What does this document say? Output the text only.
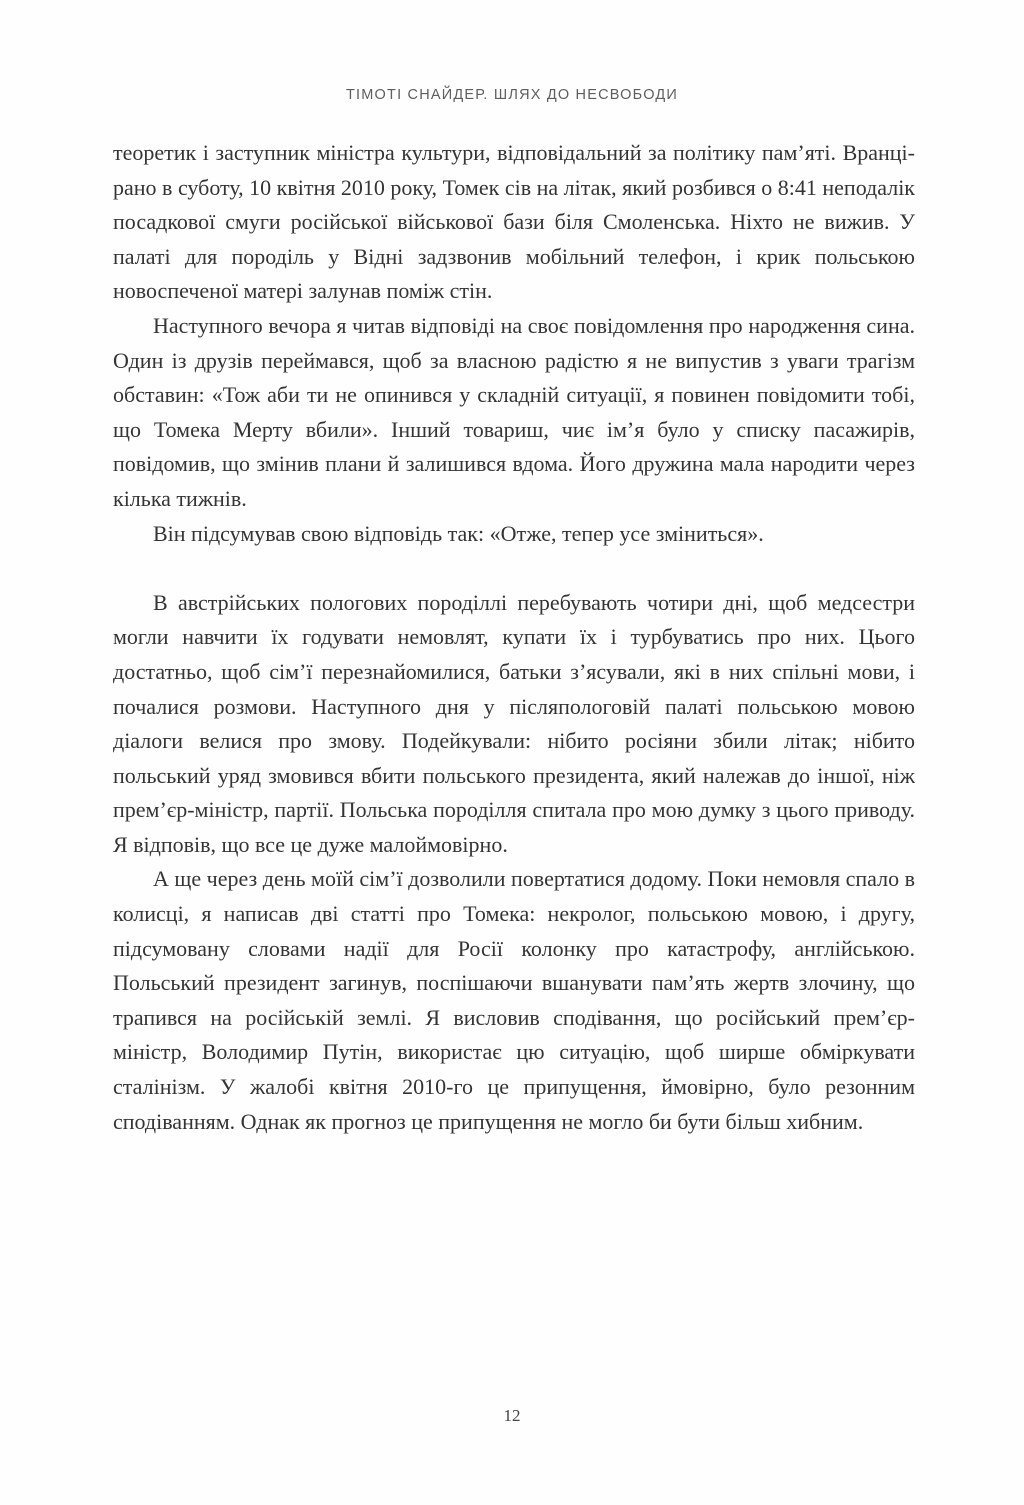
ТІМОТІ СНАЙДЕР. ШЛЯХ ДО НЕСВОБОДИ

теоретик і заступник міністра культури, відповідальний за політику пам’яті. Вранці-рано в суботу, 10 квітня 2010 року, Томек сів на літак, який розбився о 8:41 неподалік посадкової смуги російської військової бази біля Смоленська. Ніхто не вижив. У палаті для породіль у Відні задзвонив мобільний телефон, і крик польською новоспеченої матері залунав поміж стін.

Наступного вечора я читав відповіді на своє повідомлення про народження сина. Один із друзів переймався, щоб за власною радістю я не випустив з уваги трагізм обставин: «Тож аби ти не опинився у складній ситуації, я повинен повідомити тобі, що Томека Мерту вбили». Інший товариш, чиє ім’я було у списку пасажирів, повідомив, що змінив плани й залишився вдома. Його дружина мала народити через кілька тижнів.

Він підсумував свою відповідь так: «Отже, тепер усе зміниться».

В австрійських пологових породіллі перебувають чотири дні, щоб медсестри могли навчити їх годувати немовлят, купати їх і турбуватись про них. Цього достатньо, щоб сім’ї перезнайомилися, батьки з’ясували, які в них спільні мови, і почалися розмови. Наступного дня у післяпологовій палаті польською мовою діалоги велися про змову. Подейкували: нібито росіяни збили літак; нібито польський уряд змовився вбити польського президента, який належав до іншої, ніж прем’єр-міністр, партії. Польська породілля спитала про мою думку з цього приводу. Я відповів, що все це дуже малоймовірно.

А ще через день моїй сім’ї дозволили повертатися додому. Поки немовля спало в колисці, я написав дві статті про Томека: некролог, польською мовою, і другу, підсумовану словами надії для Росії колонку про катастрофу, англійською. Польський президент загинув, поспішаючи вшанувати пам’ять жертв злочину, що трапився на російській землі. Я висловив сподівання, що російський прем’єр-міністр, Володимир Путін, використає цю ситуацію, щоб ширше обміркувати сталінізм. У жалобі квітня 2010-го це припущення, ймовірно, було резонним сподіванням. Однак як прогноз це припущення не могло би бути більш хибним.

12
